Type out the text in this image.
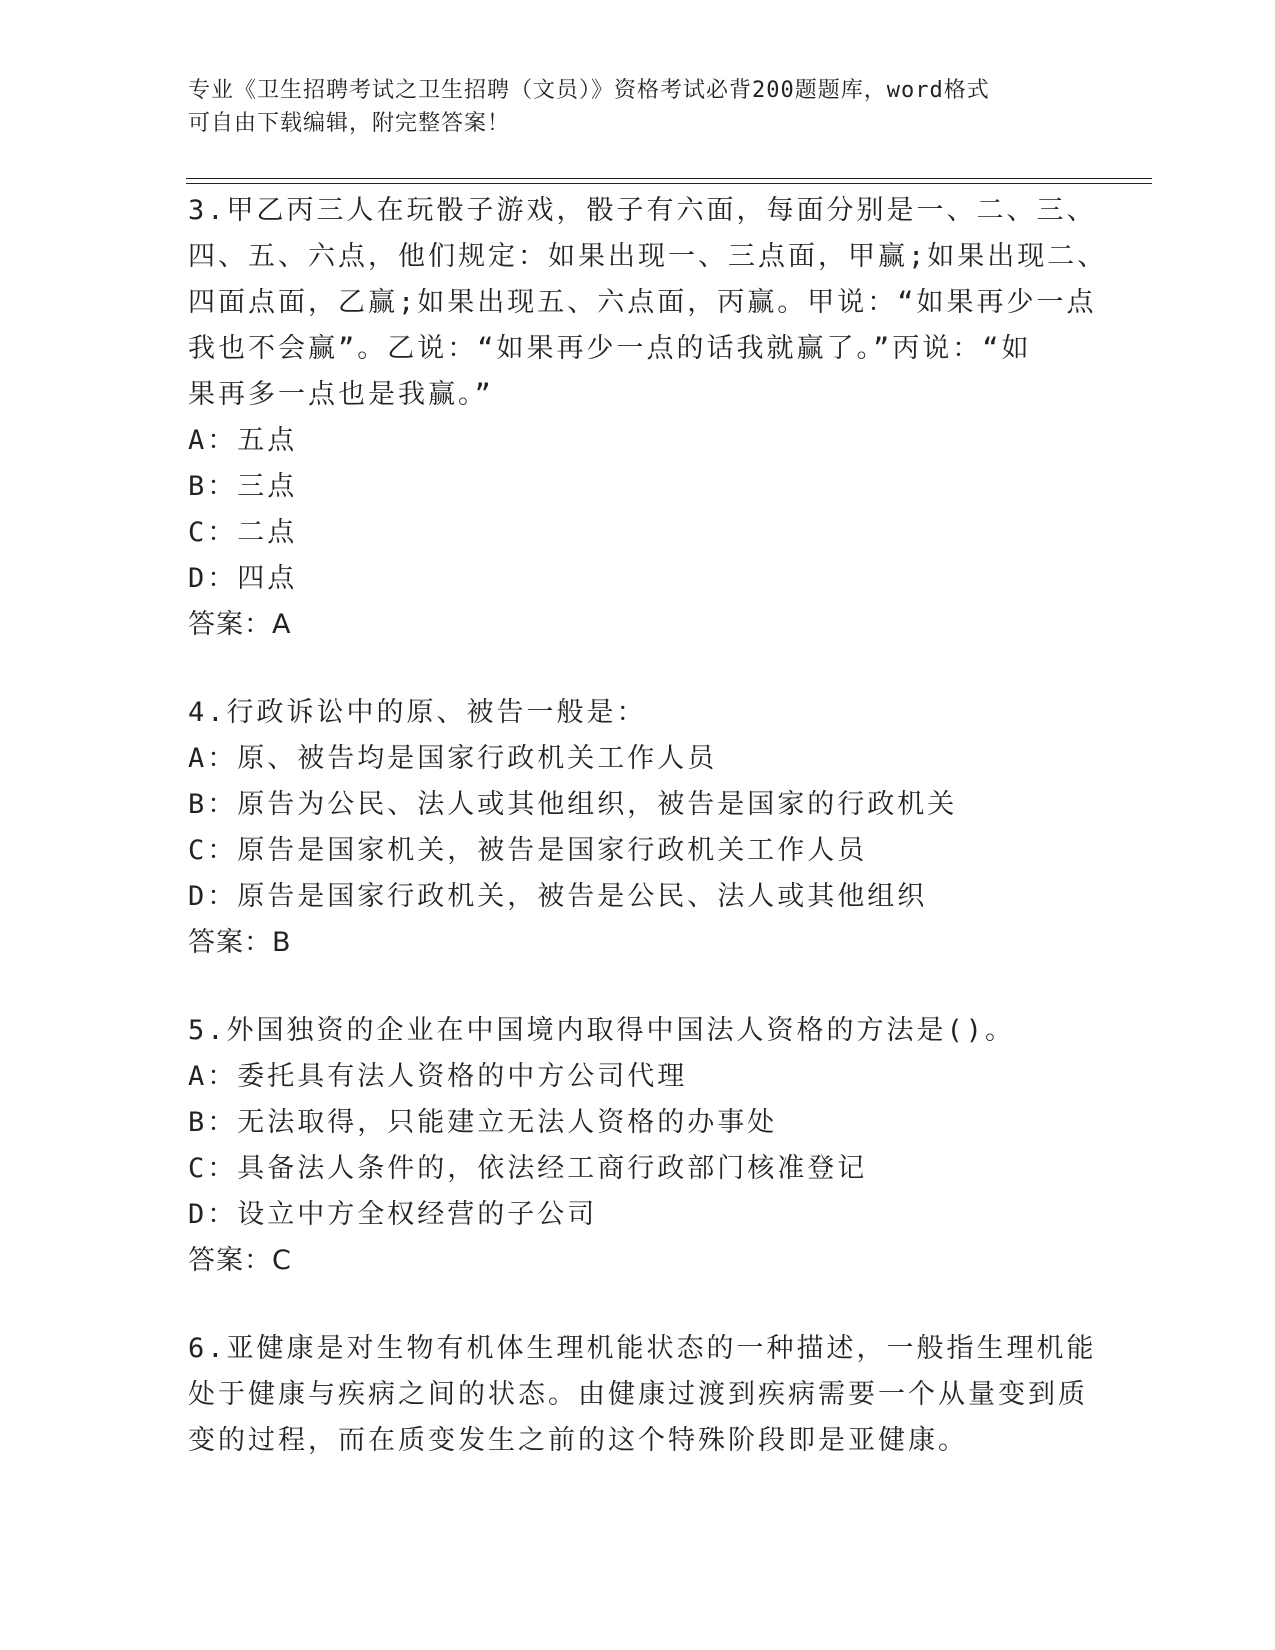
专业《卫生招聘考试之卫生招聘（文员）》资格考试必背200题题库，word格式
可自由下载编辑，附完整答案！
3.甲乙丙三人在玩骰子游戏，骰子有六面，每面分别是一、二、三、
四、五、六点，他们规定：如果出现一、三点面，甲赢;如果出现二、
四面点面，乙赢;如果出现五、六点面，丙赢。甲说：“如果再少一点
我也不会赢”。乙说：“如果再少一点的话我就赢了。”丙说：“如
果再多一点也是我赢。”
A：五点
B：三点
C：二点
D：四点
答案：A
4.行政诉讼中的原、被告一般是：
A：原、被告均是国家行政机关工作人员
B：原告为公民、法人或其他组织，被告是国家的行政机关
C：原告是国家机关，被告是国家行政机关工作人员
D：原告是国家行政机关，被告是公民、法人或其他组织
答案：B
5.外国独资的企业在中国境内取得中国法人资格的方法是()。
A：委托具有法人资格的中方公司代理
B：无法取得，只能建立无法人资格的办事处
C：具备法人条件的，依法经工商行政部门核准登记
D：设立中方全权经营的子公司
答案：C
6.亚健康是对生物有机体生理机能状态的一种描述，一般指生理机能
处于健康与疾病之间的状态。由健康过渡到疾病需要一个从量变到质
变的过程，而在质变发生之前的这个特殊阶段即是亚健康。
